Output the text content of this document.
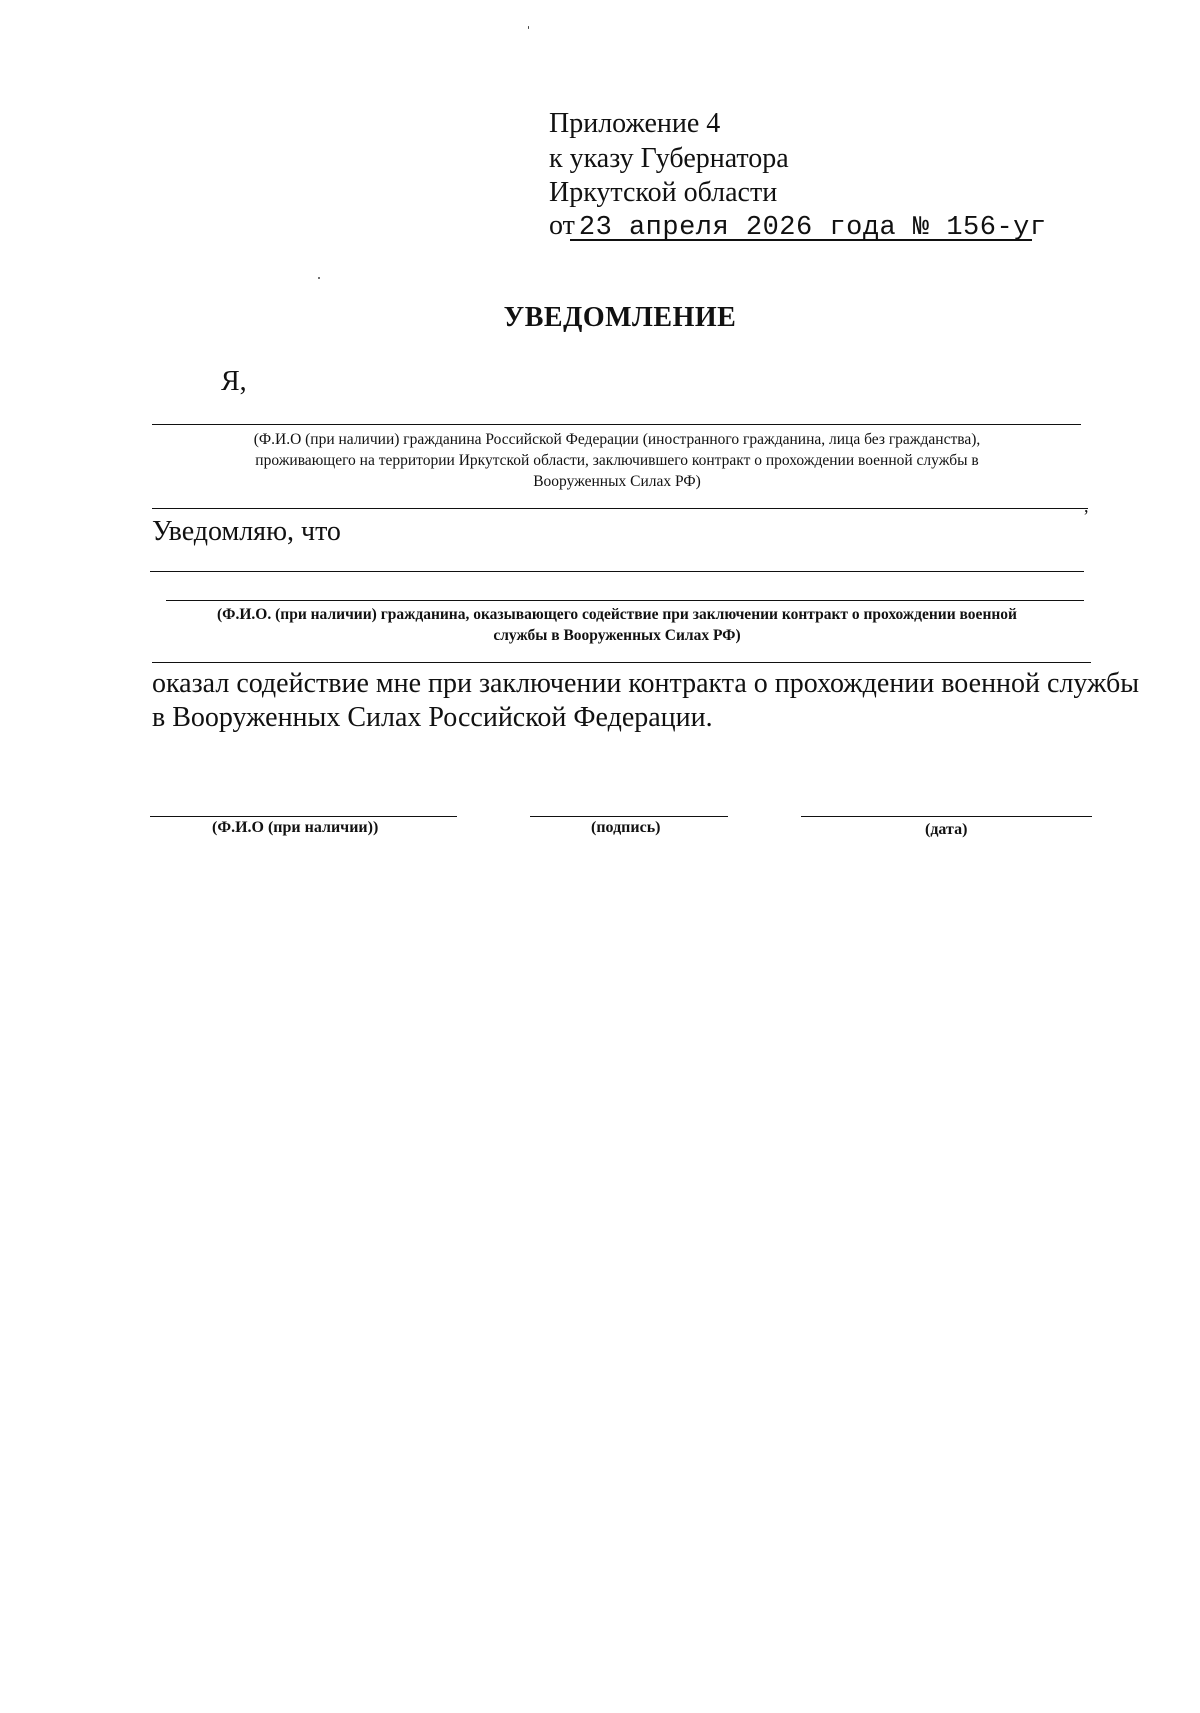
Приложение 4
к указу Губернатора
Иркутской области
от 23 апреля 2026 года № 156-уг
УВЕДОМЛЕНИЕ
Я,
(Ф.И.О (при наличии) гражданина Российской Федерации (иностранного гражданина, лица без гражданства),
проживающего на территории Иркутской области, заключившего контракт о прохождении военной службы в
Вооруженных Силах РФ)
,
Уведомляю, что
(Ф.И.О. (при наличии) гражданина, оказывающего содействие при заключении контракт о прохождении военной
службы в Вооруженных Силах РФ)
оказал содействие мне при заключении контракта о прохождении военной службы
в Вооруженных Силах Российской Федерации.
(Ф.И.О (при наличии))	(подпись)	(дата)
